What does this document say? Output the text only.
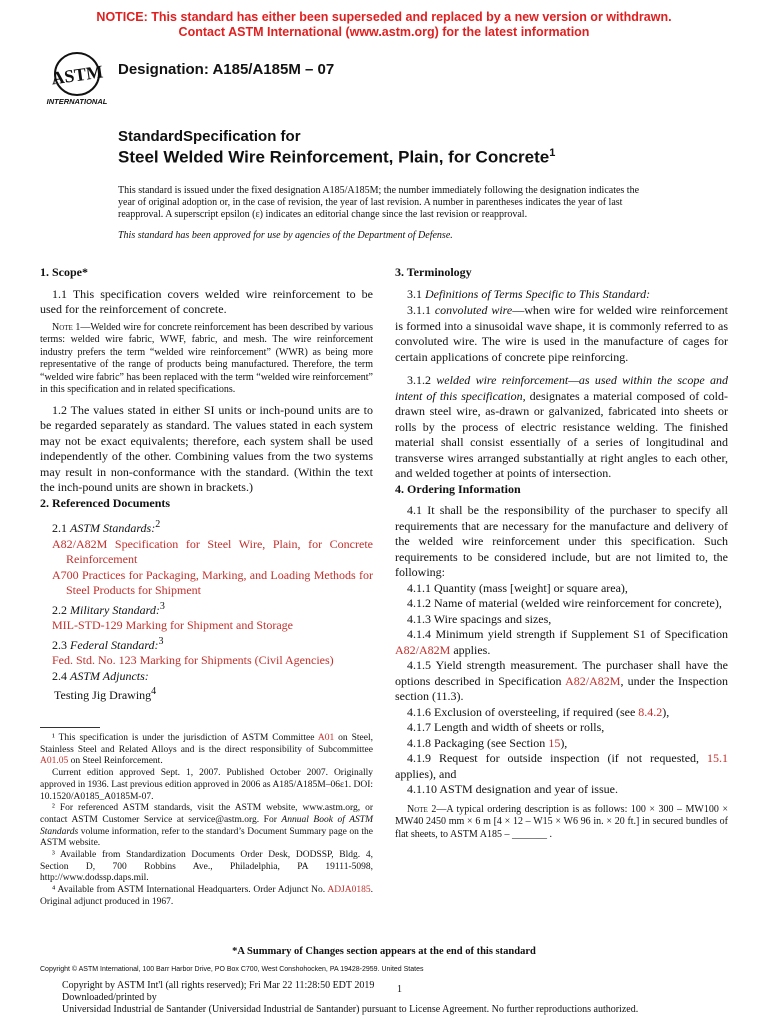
NOTICE: This standard has either been superseded and replaced by a new version or withdrawn.
Contact ASTM International (www.astm.org) for the latest information
ASTM
INTERNATIONAL
Designation: A185/A185M – 07
StandardSpecification for
Steel Welded Wire Reinforcement, Plain, for Concrete$^1$
This standard is issued under the fixed designation A185/A185M; the number immediately following the designation indicates the year of original adoption or, in the case of revision, the year of last revision. A number in parentheses indicates the year of last reapproval. A superscript epsilon (ε) indicates an editorial change since the last revision or reapproval.
This standard has been approved for use by agencies of the Department of Defense.

1. Scope*

1.1 This specification covers welded wire reinforcement to be used for the reinforcement of concrete.

Note 1—Welded wire for concrete reinforcement has been described by various terms: welded wire fabric, WWF, fabric, and mesh. The wire reinforcement industry prefers the term “welded wire reinforcement” (WWR) as being more representative of the range of products being manufactured. Therefore, the term “welded wire fabric” has been replaced with the term “welded wire reinforcement” in this specification and in related specifications.

1.2 The values stated in either SI units or inch-pound units are to be regarded separately as standard. The values stated in each system may not be exact equivalents; therefore, each system shall be used independently of the other. Combining values from the two systems may result in non-conformance with the standard. (Within the text the inch-pound units are shown in brackets.)

2. Referenced Documents

2.1 ASTM Standards:$^2$

A82/A82M Specification for Steel Wire, Plain, for Concrete Reinforcement

A700 Practices for Packaging, Marking, and Loading Methods for Steel Products for Shipment

2.2 Military Standard:$^3$

MIL-STD-129 Marking for Shipment and Storage

2.3 Federal Standard:$^3$

Fed. Std. No. 123 Marking for Shipments (Civil Agencies)

2.4 ASTM Adjuncts:

Testing Jig Drawing$^4$

¹ This specification is under the jurisdiction of ASTM Committee A01 on Steel, Stainless Steel and Related Alloys and is the direct responsibility of Subcommittee A01.05 on Steel Reinforcement.

Current edition approved Sept. 1, 2007. Published October 2007. Originally approved in 1936. Last previous edition approved in 2006 as A185/A185M–06ε1. DOI: 10.1520/A0185_A0185M-07.

² For referenced ASTM standards, visit the ASTM website, www.astm.org, or contact ASTM Customer Service at service@astm.org. For Annual Book of ASTM Standards volume information, refer to the standard’s Document Summary page on the ASTM website.

³ Available from Standardization Documents Order Desk, DODSSP, Bldg. 4, Section D, 700 Robbins Ave., Philadelphia, PA 19111-5098, http://www.dodssp.daps.mil.

⁴ Available from ASTM International Headquarters. Order Adjunct No. ADJA0185. Original adjunct produced in 1967.

3. Terminology

3.1 Definitions of Terms Specific to This Standard:

3.1.1 convoluted wire—when wire for welded wire reinforcement is formed into a sinusoidal wave shape, it is commonly referred to as convoluted wire. The wire is used in the manufacture of cages for certain applications of concrete pipe reinforcing.

3.1.2 welded wire reinforcement—as used within the scope and intent of this specification, designates a material composed of cold-drawn steel wire, as-drawn or galvanized, fabricated into sheets or rolls by the process of electric resistance welding. The finished material shall consist essentially of a series of longitudinal and transverse wires arranged substantially at right angles to each other, and welded together at points of intersection.

4. Ordering Information

4.1 It shall be the responsibility of the purchaser to specify all requirements that are necessary for the manufacture and delivery of the welded wire reinforcement under this specification. Such requirements to be considered include, but are not limited to, the following:

4.1.1 Quantity (mass [weight] or square area),

4.1.2 Name of material (welded wire reinforcement for concrete),

4.1.3 Wire spacings and sizes,

4.1.4 Minimum yield strength if Supplement S1 of Specification A82/A82M applies.

4.1.5 Yield strength measurement. The purchaser shall have the options described in Specification A82/A82M, under the Inspection section (11.3).

4.1.6 Exclusion of oversteeling, if required (see 8.4.2),

4.1.7 Length and width of sheets or rolls,

4.1.8 Packaging (see Section 15),

4.1.9 Request for outside inspection (if not requested, 15.1 applies), and

4.1.10 ASTM designation and year of issue.

Note 2—A typical ordering description is as follows: 100 × 300 – MW100 × MW40 2450 mm × 6 m [4 × 12 – W15 × W6 96 in. × 20 ft.] in secured bundles of flat sheets, to ASTM A185 – _______ .

*A Summary of Changes section appears at the end of this standard
Copyright © ASTM International, 100 Barr Harbor Drive, PO Box C700, West Conshohocken, PA 19428-2959. United States
Copyright by ASTM Int'l (all rights reserved); Fri Mar 22 11:28:50 EDT 2019 1
Downloaded/printed by
Universidad Industrial de Santander (Universidad Industrial de Santander) pursuant to License Agreement. No further reproductions authorized.
